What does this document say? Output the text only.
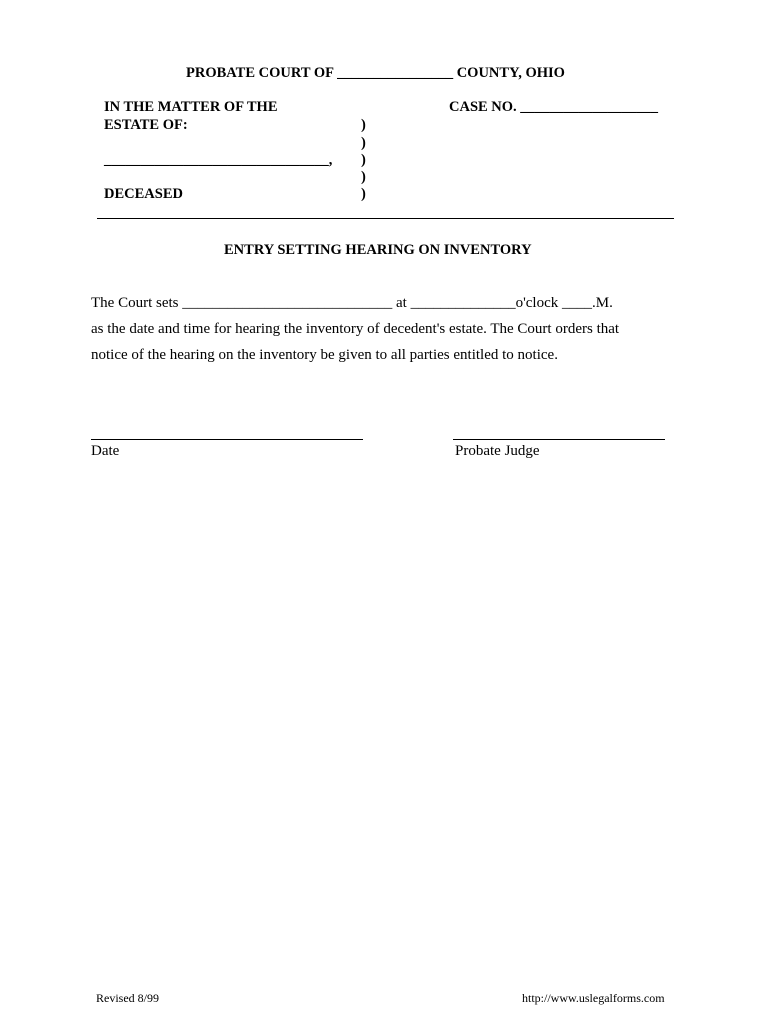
PROBATE COURT OF ________________ COUNTY, OHIO
IN THE MATTER OF THE
ESTATE OF:
_______________________________,
DECEASED
)
)
)
)
)
CASE NO. ___________________
ENTRY SETTING HEARING ON INVENTORY
The Court sets ____________________________ at ______________o'clock ____.M.
as the date and time for hearing the inventory of decedent's estate. The Court orders that
notice of the hearing on the inventory be given to all parties entitled to notice.
Date	Probate Judge
Revised 8/99	http://www.uslegalforms.com
